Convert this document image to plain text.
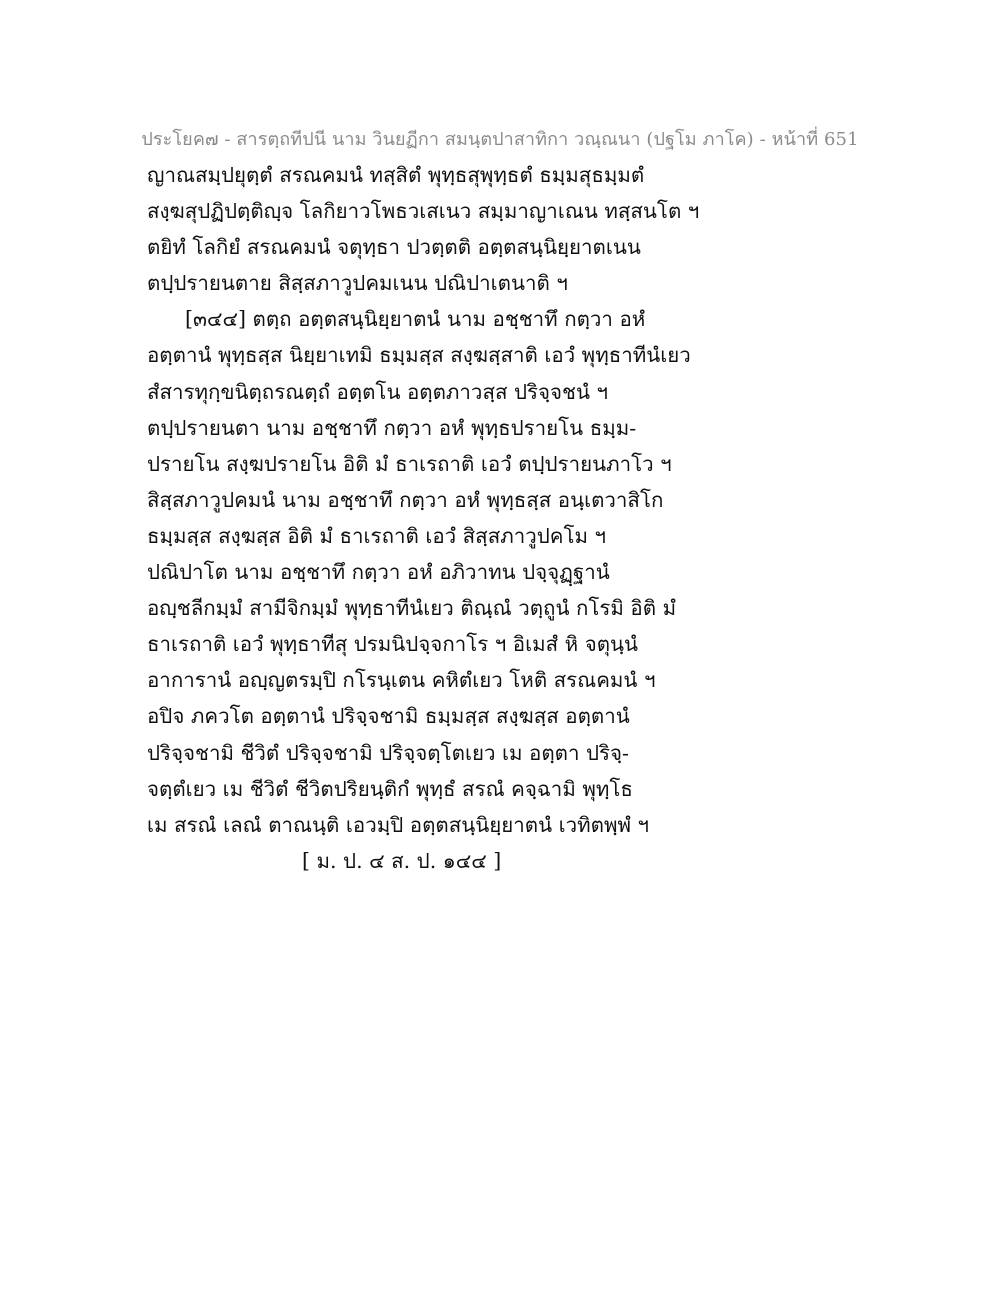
ประโยค๗ - สารตฺถทีปนี นาม วินยฏีกา สมนฺตปาสาทิกา วณฺณนา (ปฐโม ภาโค) - หน้าที่ 651
ญาณสมฺปยุตฺตํ สรณคมนํ ทสฺสิตํ พุทฺธสุพุทฺธตํ ธมฺมสุธมฺมตํ
สงฺฆสุปฏิปตฺติญฺจ โลกิยาวโพธวเสเนว สมฺมาญาเณน ทสฺสนโต ฯ
ตยิทํ โลกิยํ สรณคมนํ จตุทฺธา ปวตฺตติ อตฺตสนฺนิยฺยาตเนน
ตปฺปรายนตาย สิสฺสภาวูปคมเนน ปณิปาเตนาติ ฯ
[๓๔๔] ตตฺถ อตฺตสนฺนิยฺยาตนํ นาม อชฺชาทึ กตฺวา อหํ
อตฺตานํ พุทฺธสฺส นิยฺยาเทมิ ธมฺมสฺส สงฺฆสฺสาติ เอวํ พุทฺธาทีนํเยว
สํสารทุกฺขนิตฺถรณตฺถํ อตฺตโน อตฺตภาวสฺส ปริจฺจชนํ ฯ
ตปฺปรายนตา นาม อชฺชาทึ กตฺวา อหํ พุทฺธปรายโน ธมฺม-
ปรายโน สงฺฆปรายโน อิติ มํ ธาเรถาติ เอวํ ตปฺปรายนภาโว ฯ
สิสฺสภาวูปคมนํ นาม อชฺชาทึ กตฺวา อหํ พุทฺธสฺส อนฺเตวาสิโก
ธมฺมสฺส สงฺฆสฺส อิติ มํ ธาเรถาติ เอวํ สิสฺสภาวูปคโม ฯ
ปณิปาโต นาม อชฺชาทึ กตฺวา อหํ อภิวาทน ปจฺจุฏฺฐานํ
อญฺชลีกมฺมํ สามีจิกมฺมํ พุทฺธาทีนํเยว ติณฺณํ วตฺถูนํ กโรมิ อิติ มํ
ธาเรถาติ เอวํ พุทฺธาทีสุ ปรมนิปจฺจกาโร ฯ อิเมสํ หิ จตุนฺนํ
อาการานํ อญฺญตรมฺปิ กโรนฺเตน คหิตํเยว โหติ สรณคมนํ ฯ
อปิจ ภควโต อตฺตานํ ปริจฺจชามิ ธมฺมสฺส สงฺฆสฺส อตฺตานํ
ปริจฺจชามิ ชีวิตํ ปริจฺจชามิ ปริจฺจตฺโตเยว เม อตฺตา ปริจฺ-
จตฺตํเยว เม ชีวิตํ ชีวิตปริยนฺติกํ พุทฺธํ สรณํ คจฺฉามิ พุทฺโธ
เม สรณํ เลณํ ตาณนฺติ เอวมฺปิ อตฺตสนฺนิยฺยาตนํ เวทิตพฺพํ ฯ
[ ม. ป. ๔ ส. ป. ๑๔๔ ]
